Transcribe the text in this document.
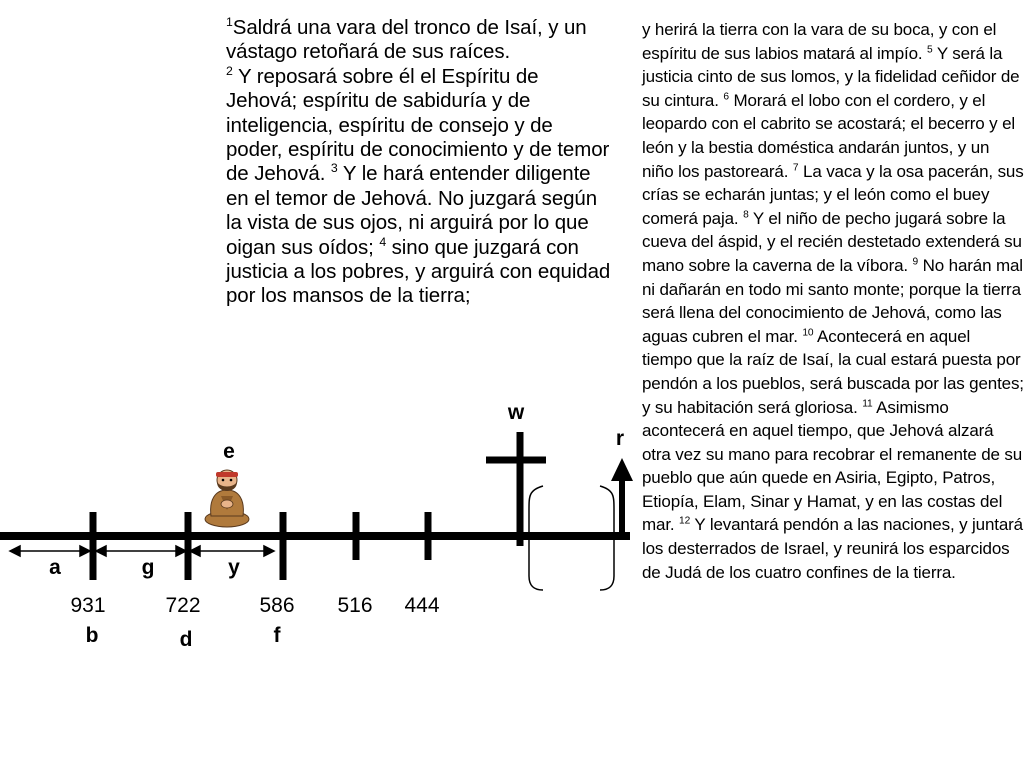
$^1$Saldrá una vara del tronco de Isaí, y un vástago retoñará de sus raíces.
$^2$ Y reposará sobre él el Espíritu de Jehová; espíritu de sabiduría y de inteligencia, espíritu de consejo y de poder, espíritu de conocimiento y de temor de Jehová. $^3$ Y le hará entender diligente en el temor de Jehová. No juzgará según la vista de sus ojos, ni arguirá por lo que oigan sus oídos; $^4$ sino que juzgará con justicia a los pobres, y arguirá con equidad por los mansos de la tierra;
y herirá la tierra con la vara de su boca, y con el espíritu de sus labios matará al impío. $^5$ Y será la justicia cinto de sus lomos, y la fidelidad ceñidor de su cintura. $^6$ Morará el lobo con el cordero, y el leopardo con el cabrito se acostará; el becerro y el león y la bestia doméstica andarán juntos, y un niño los pastoreará. $^7$ La vaca y la osa pacerán, sus crías se echarán juntas; y el león como el buey comerá paja. $^8$ Y el niño de pecho jugará sobre la cueva del áspid, y el recién destetado extenderá su mano sobre la caverna de la víbora. $^9$ No harán mal ni dañarán en todo mi santo monte; porque la tierra será llena del conocimiento de Jehová, como las aguas cubren el mar. $^{10}$ Acontecerá en aquel tiempo que la raíz de Isaí, la cual estará puesta por pendón a los pueblos, será buscada por las gentes; y su habitación será gloriosa. $^{11}$ Asimismo acontecerá en aquel tiempo, que Jehová alzará otra vez su mano para recobrar el remanente de su pueblo que aún quede en Asiria, Egipto, Patros, Etiopía, Elam, Sinar y Hamat, y en las costas del mar. $^{12}$ Y levantará pendón a las naciones, y juntará los desterrados de Israel, y reunirá los esparcidos de Judá de los cuatro confines de la tierra.
e
w
r
a	g	y
931	722	586	516	444
b	d	f
